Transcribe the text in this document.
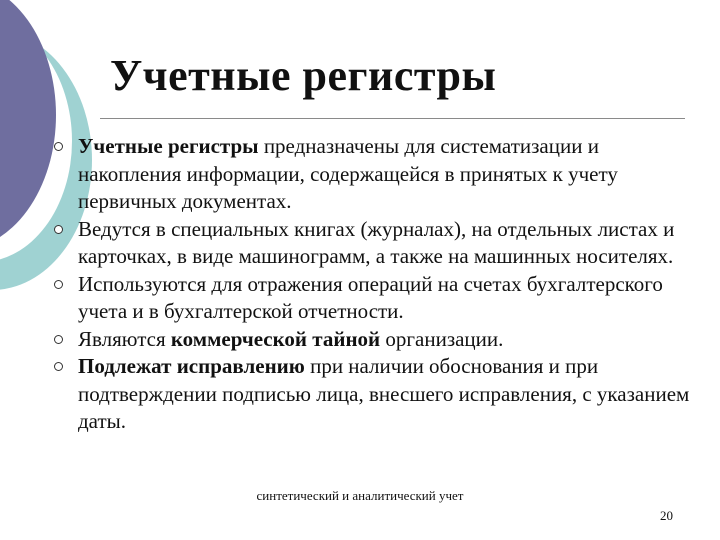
Учетные регистры
Учетные регистры предназначены для систематизации и накопления информации, содержащейся в принятых к учету первичных документах.
Ведутся в специальных книгах (журналах), на отдельных листах и карточках, в виде машинограмм, а также на машинных носителях.
Используются для отражения операций на счетах бухгалтерского учета и в бухгалтерской отчетности.
Являются коммерческой тайной организации.
Подлежат исправлению при наличии обоснования и при подтверждении подписью лица, внесшего исправления, с указанием даты.
синтетический и аналитический учет
20
